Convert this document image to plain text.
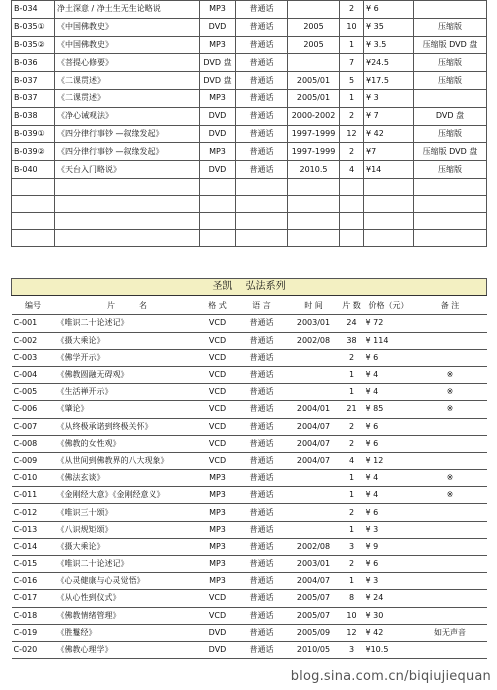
B-034	净土深意 / 净土生无生论略说	MP3	普通话		2	¥ 6	
B-035①	《中国佛教史》	DVD	普通话	2005	10	¥ 35	压缩版
B-035②	《中国佛教史》	MP3	普通话	2005	1	¥ 3.5	压缩版 DVD 盘
B-036	《菩提心修要》	DVD 盘	普通话		7	¥24.5	压缩版
B-037	《二课贯述》	DVD 盘	普通话	2005/01	5	¥17.5	压缩版
B-037	《二课贯述》	MP3	普通话	2005/01	1	¥ 3	
B-038	《净心诫观法》	DVD	普通话	2000-2002	2	¥ 7	DVD 盘
B-039①	《四分律行事钞 —叙缘发起》	DVD	普通话	1997-1999	12	¥ 42	压缩版
B-039②	《四分律行事钞 —叙缘发起》	MP3	普通话	1997-1999	2	¥7	压缩版 DVD 盘
B-040	《天台入门略说》	DVD	普通话	2010.5	4	¥14	压缩版

圣凯　 弘法系列							
编号	片　　　名	格 式	语 言	时 间	片 数	价格（元）	备 注
C-001	《唯识二十论述记》	VCD	普通话	2003/01	24	¥ 72	
C-002	《摄大乘论》	VCD	普通话	2002/08	38	¥ 114	
C-003	《佛学开示》	VCD	普通话		2	¥ 6	
C-004	《佛教圆融无碍观》	VCD	普通话		1	¥ 4	※
C-005	《生活禅开示》	VCD	普通话		1	¥ 4	※
C-006	《肇论》	VCD	普通话	2004/01	21	¥ 85	※
C-007	《从终极承诺到终极关怀》	VCD	普通话	2004/07	2	¥ 6	
C-008	《佛教的女性观》	VCD	普通话	2004/07	2	¥ 6	
C-009	《从世间到佛教界的八大现象》	VCD	普通话	2004/07	4	¥ 12	
C-010	《佛法玄谈》	MP3	普通话		1	¥ 4	※
C-011	《金刚经大意》《金刚经意义》	MP3	普通话		1	¥ 4	※
C-012	《唯识三十颂》	MP3	普通话		2	¥ 6	
C-013	《八识规矩颂》	MP3	普通话		1	¥ 3	
C-014	《摄大乘论》	MP3	普通话	2002/08	3	¥ 9	
C-015	《唯识二十论述记》	MP3	普通话	2003/01	2	¥ 6	
C-016	《心灵健康与心灵觉悟》	MP3	普通话	2004/07	1	¥ 3	
C-017	《从心性到仪式》	VCD	普通话	2005/07	8	¥ 24	
C-018	《佛教情绪管理》	VCD	普通话	2005/07	10	¥ 30	
C-019	《胜鬘经》	DVD	普通话	2005/09	12	¥ 42	如无声音
C-020	《佛教心理学》	DVD	普通话	2010/05	3	¥10.5	
blog.sina.com.cn/biqiujiequan
